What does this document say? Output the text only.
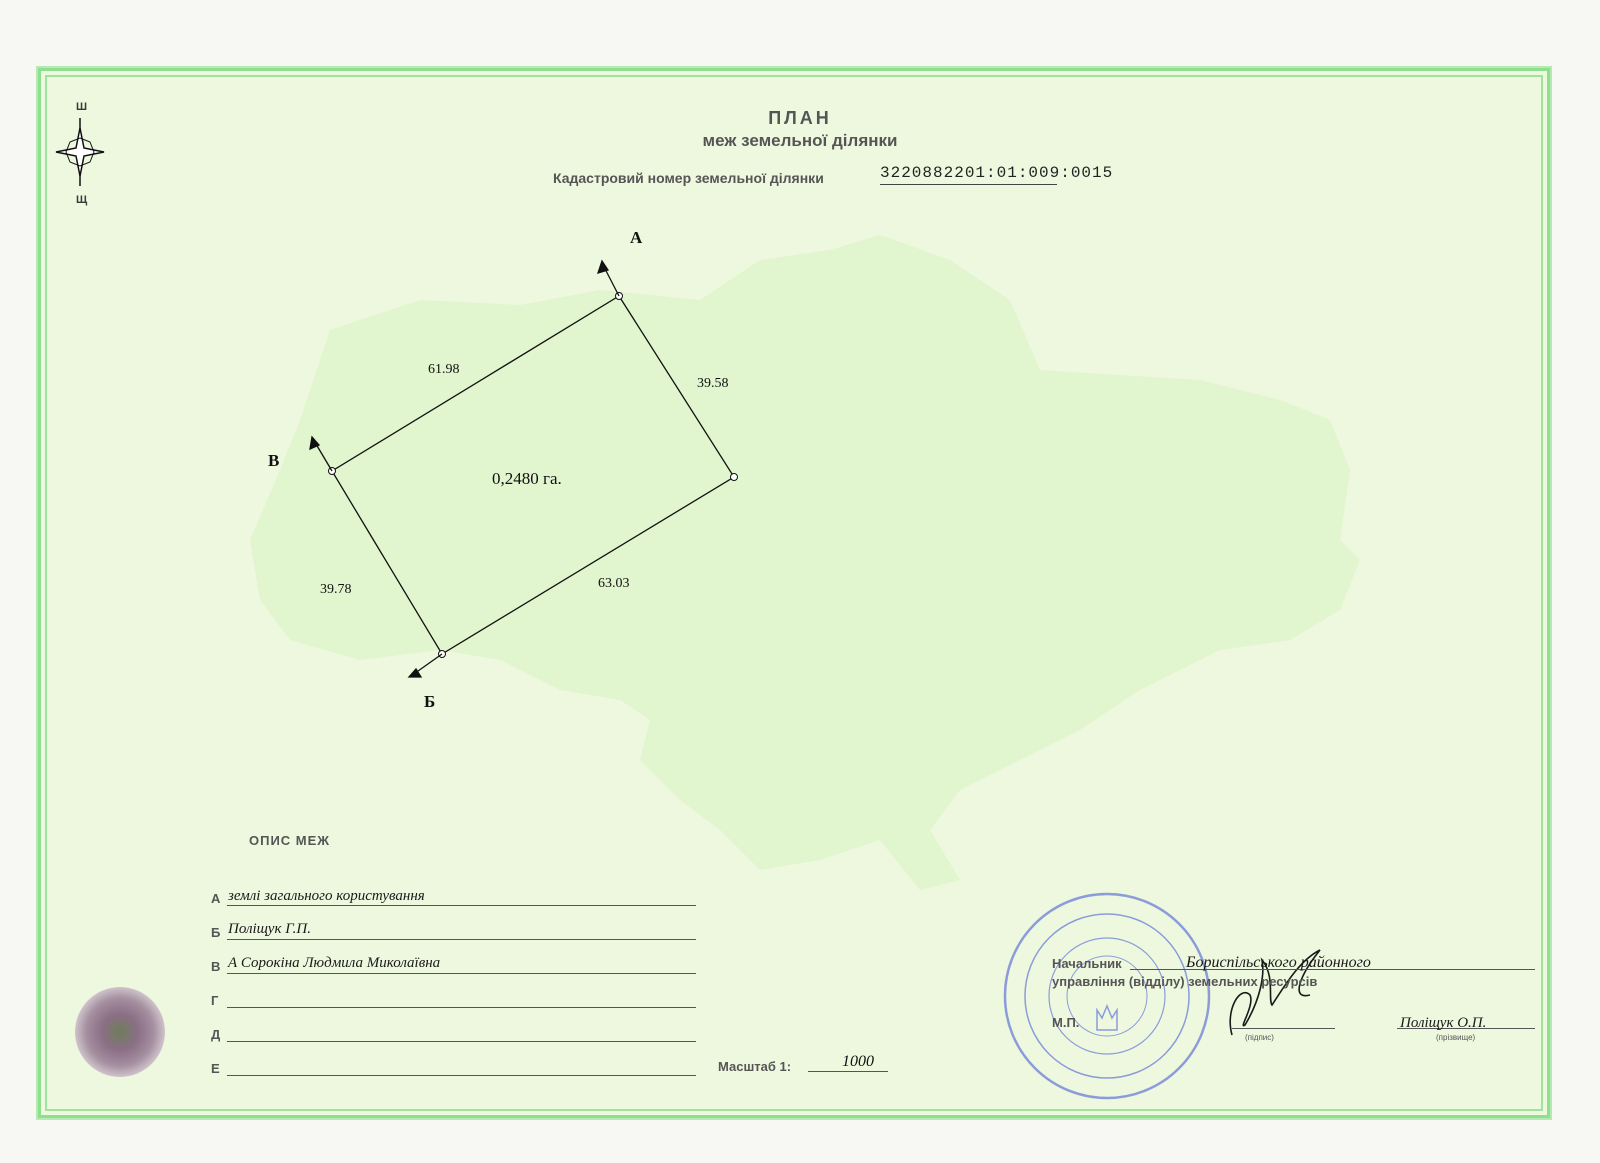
ПЛАН
меж земельної ділянки
Кадастровий номер земельної ділянки	3220882201:01:009:0015
Ш
Щ
А
Б
В
61.98
39.58
63.03
39.78
0,2480 га.
ОПИС МЕЖ
А землі загального користування
Б Поліщук Г.П.
В А Сорокіна Людмила Миколаївна
Г
Д
Е	Масштаб 1:	1000
Начальник	Бориспільського районного
управління (відділу) земельних ресурсів
М.П.
(підпис)
Поліщук О.П.
(прізвище)
